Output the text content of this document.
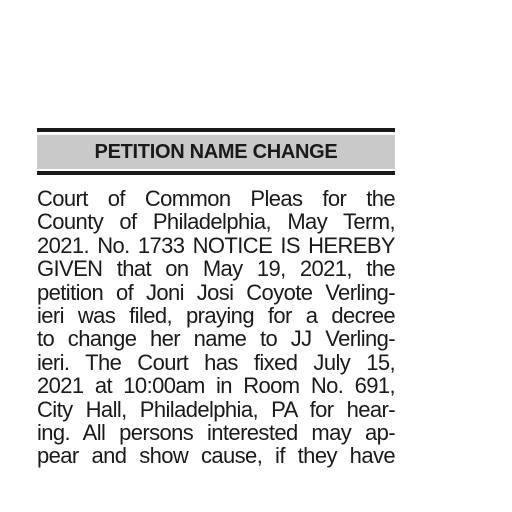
PETITION NAME CHANGE
Court of Common Pleas for the
County of Philadelphia, May Term,
2021. No. 1733 NOTICE IS HEREBY
GIVEN that on May 19, 2021, the
petition of Joni Josi Coyote Verling-
ieri was filed, praying for a decree
to change her name to JJ Verling-
ieri. The Court has fixed July 15,
2021 at 10:00am in Room No. 691,
City Hall, Philadelphia, PA for hear-
ing. All persons interested may ap-
pear and show cause, if they have
